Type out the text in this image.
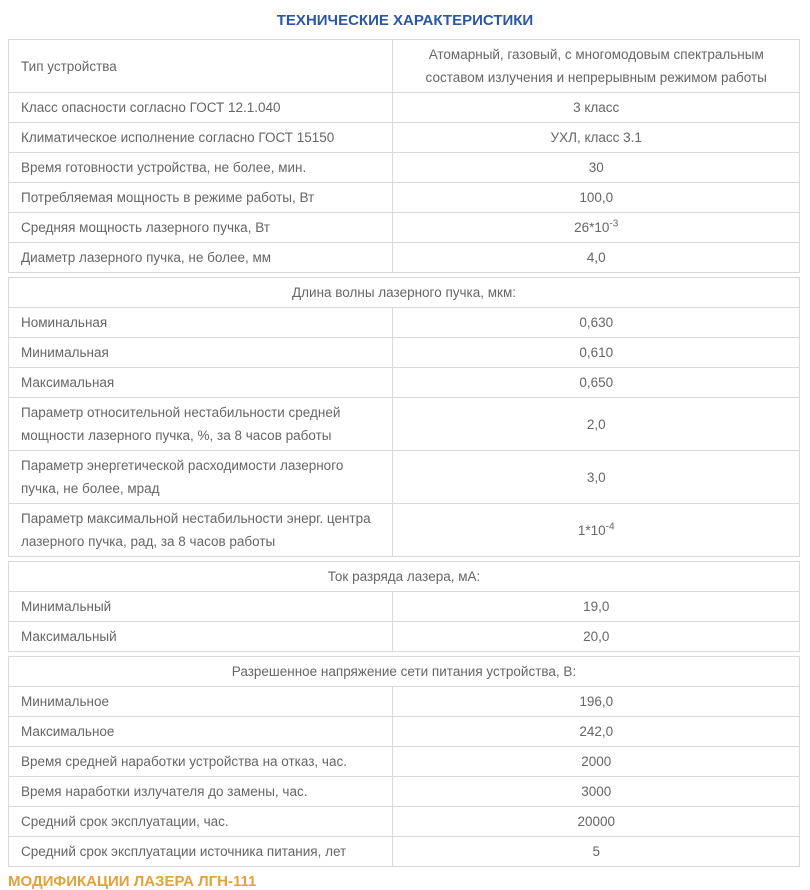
ТЕХНИЧЕСКИЕ ХАРАКТЕРИСТИКИ
Тип устройства	Атомарный, газовый, с многомодовым спектральным составом излучения и непрерывным режимом работы
Класс опасности согласно ГОСТ 12.1.040	3 класс
Климатическое исполнение согласно ГОСТ 15150	УХЛ, класс 3.1
Время готовности устройства, не более, мин.	30
Потребляемая мощность в режиме работы, Вт	100,0
Средняя мощность лазерного пучка, Вт	$26*10^{-3}$
Диаметр лазерного пучка, не более, мм	4,0
Длина волны лазерного пучка, мкм:	
Номинальная	0,630
Минимальная	0,610
Максимальная	0,650
Параметр относительной нестабильности средней мощности лазерного пучка, %, за 8 часов работы	2,0
Параметр энергетической расходимости лазерного пучка, не более, мрад	3,0
Параметр максимальной нестабильности энерг. центра лазерного пучка, рад, за 8 часов работы	$1*10^{-4}$
Ток разряда лазера, мА:	
Минимальный	19,0
Максимальный	20,0
Разрешенное напряжение сети питания устройства, В:	
Минимальное	196,0
Максимальное	242,0
Время средней наработки устройства на отказ, час.	2000
Время наработки излучателя до замены, час.	3000
Средний срок эксплуатации, час.	20000
Средний срок эксплуатации источника питания, лет	5
МОДИФИКАЦИИ ЛАЗЕРА ЛГН-111
